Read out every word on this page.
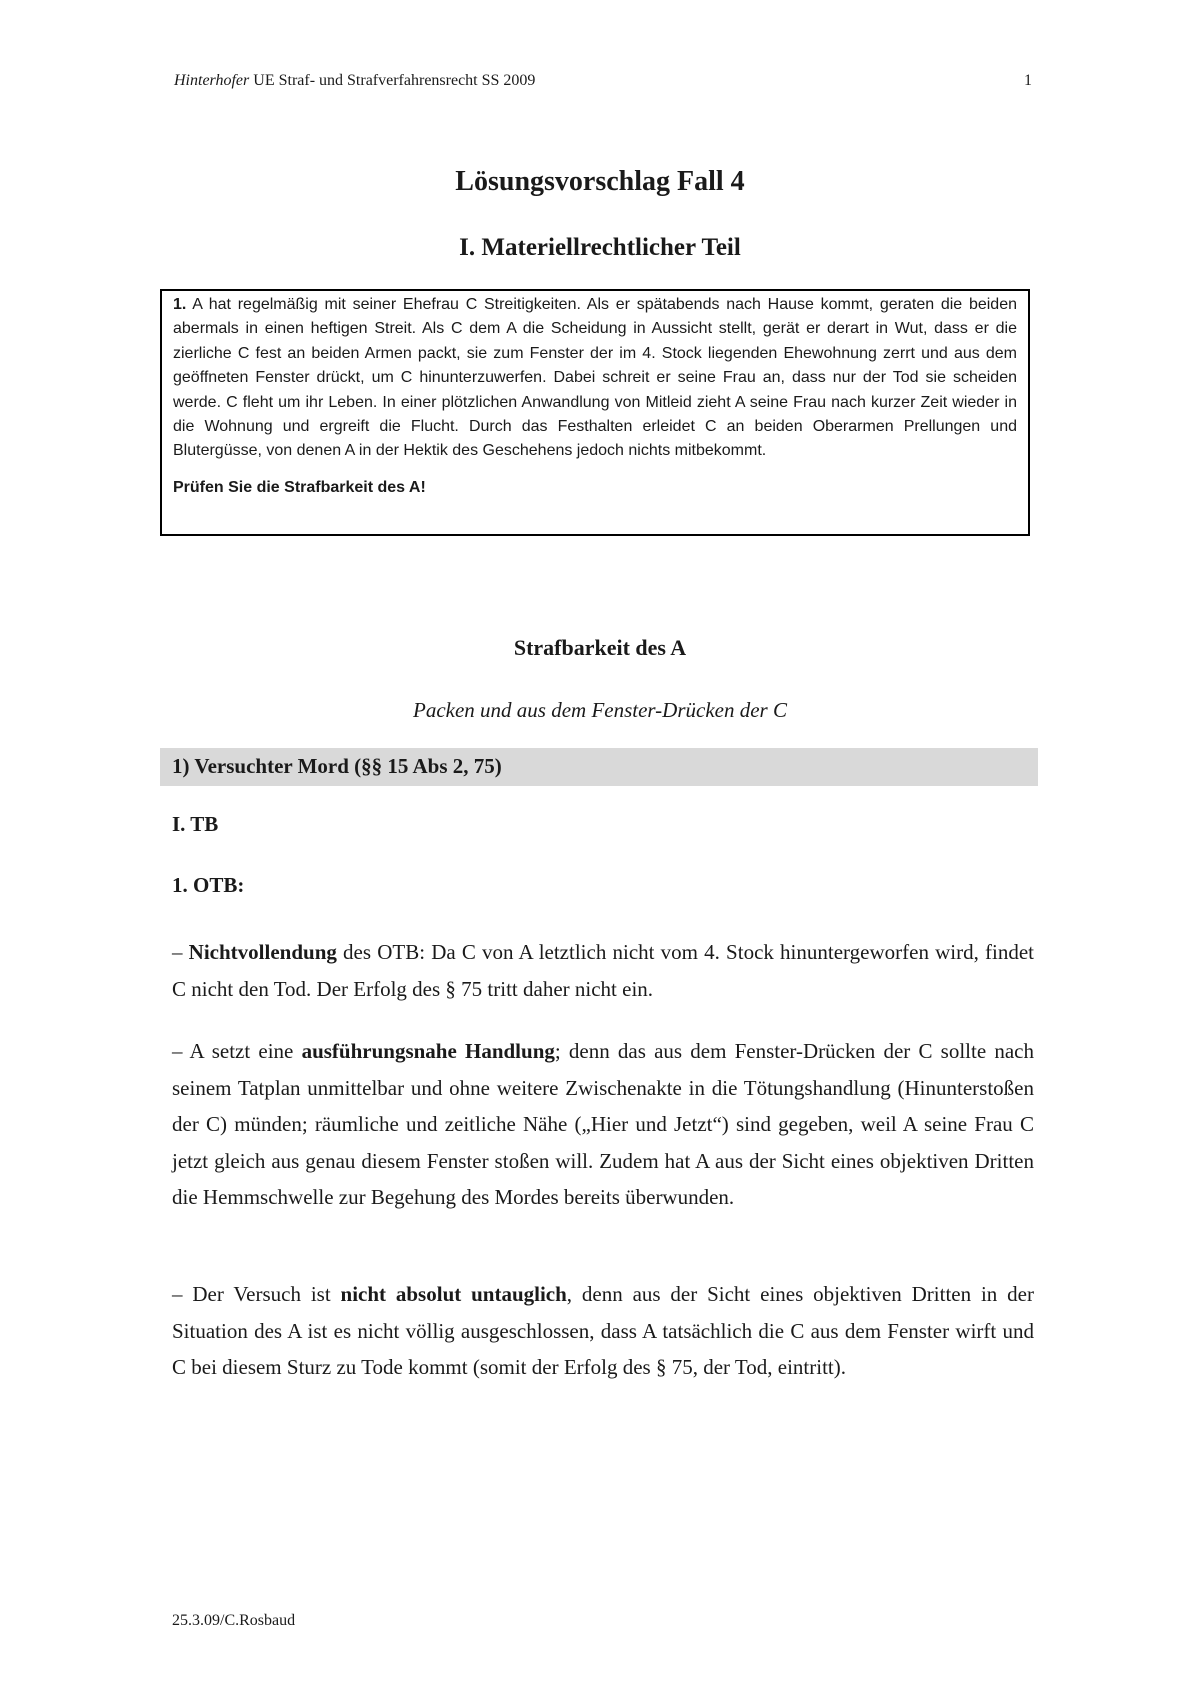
Hinterhofer UE Straf- und Strafverfahrensrecht SS 2009	1
Lösungsvorschlag Fall 4
I. Materiellrechtlicher Teil

1. A hat regelmäßig mit seiner Ehefrau C Streitigkeiten. Als er spätabends nach Hause kommt, geraten die beiden abermals in einen heftigen Streit. Als C dem A die Scheidung in Aussicht stellt, gerät er derart in Wut, dass er die zierliche C fest an beiden Armen packt, sie zum Fenster der im 4. Stock liegenden Ehewohnung zerrt und aus dem geöffneten Fenster drückt, um C hinunterzuwerfen. Dabei schreit er seine Frau an, dass nur der Tod sie scheiden werde. C fleht um ihr Leben. In einer plötzlichen Anwandlung von Mitleid zieht A seine Frau nach kurzer Zeit wieder in die Wohnung und ergreift die Flucht. Durch das Festhalten erleidet C an beiden Oberarmen Prellungen und Blutergüsse, von denen A in der Hektik des Geschehens jedoch nichts mitbekommt.

Prüfen Sie die Strafbarkeit des A!

Strafbarkeit des A
Packen und aus dem Fenster-Drücken der C
1) Versuchter Mord (§§ 15 Abs 2, 75)
I. TB
1. OTB:

– Nichtvollendung des OTB: Da C von A letztlich nicht vom 4. Stock hinuntergeworfen wird, findet C nicht den Tod. Der Erfolg des § 75 tritt daher nicht ein.

– A setzt eine ausführungsnahe Handlung; denn das aus dem Fenster-Drücken der C sollte nach seinem Tatplan unmittelbar und ohne weitere Zwischenakte in die Tötungshandlung (Hinunterstoßen der C) münden; räumliche und zeitliche Nähe („Hier und Jetzt“) sind gegeben, weil A seine Frau C jetzt gleich aus genau diesem Fenster stoßen will. Zudem hat A aus der Sicht eines objektiven Dritten die Hemmschwelle zur Begehung des Mordes bereits überwunden.

– Der Versuch ist nicht absolut untauglich, denn aus der Sicht eines objektiven Dritten in der Situation des A ist es nicht völlig ausgeschlossen, dass A tatsächlich die C aus dem Fenster wirft und C bei diesem Sturz zu Tode kommt (somit der Erfolg des § 75, der Tod, eintritt).

25.3.09/C.Rosbaud
